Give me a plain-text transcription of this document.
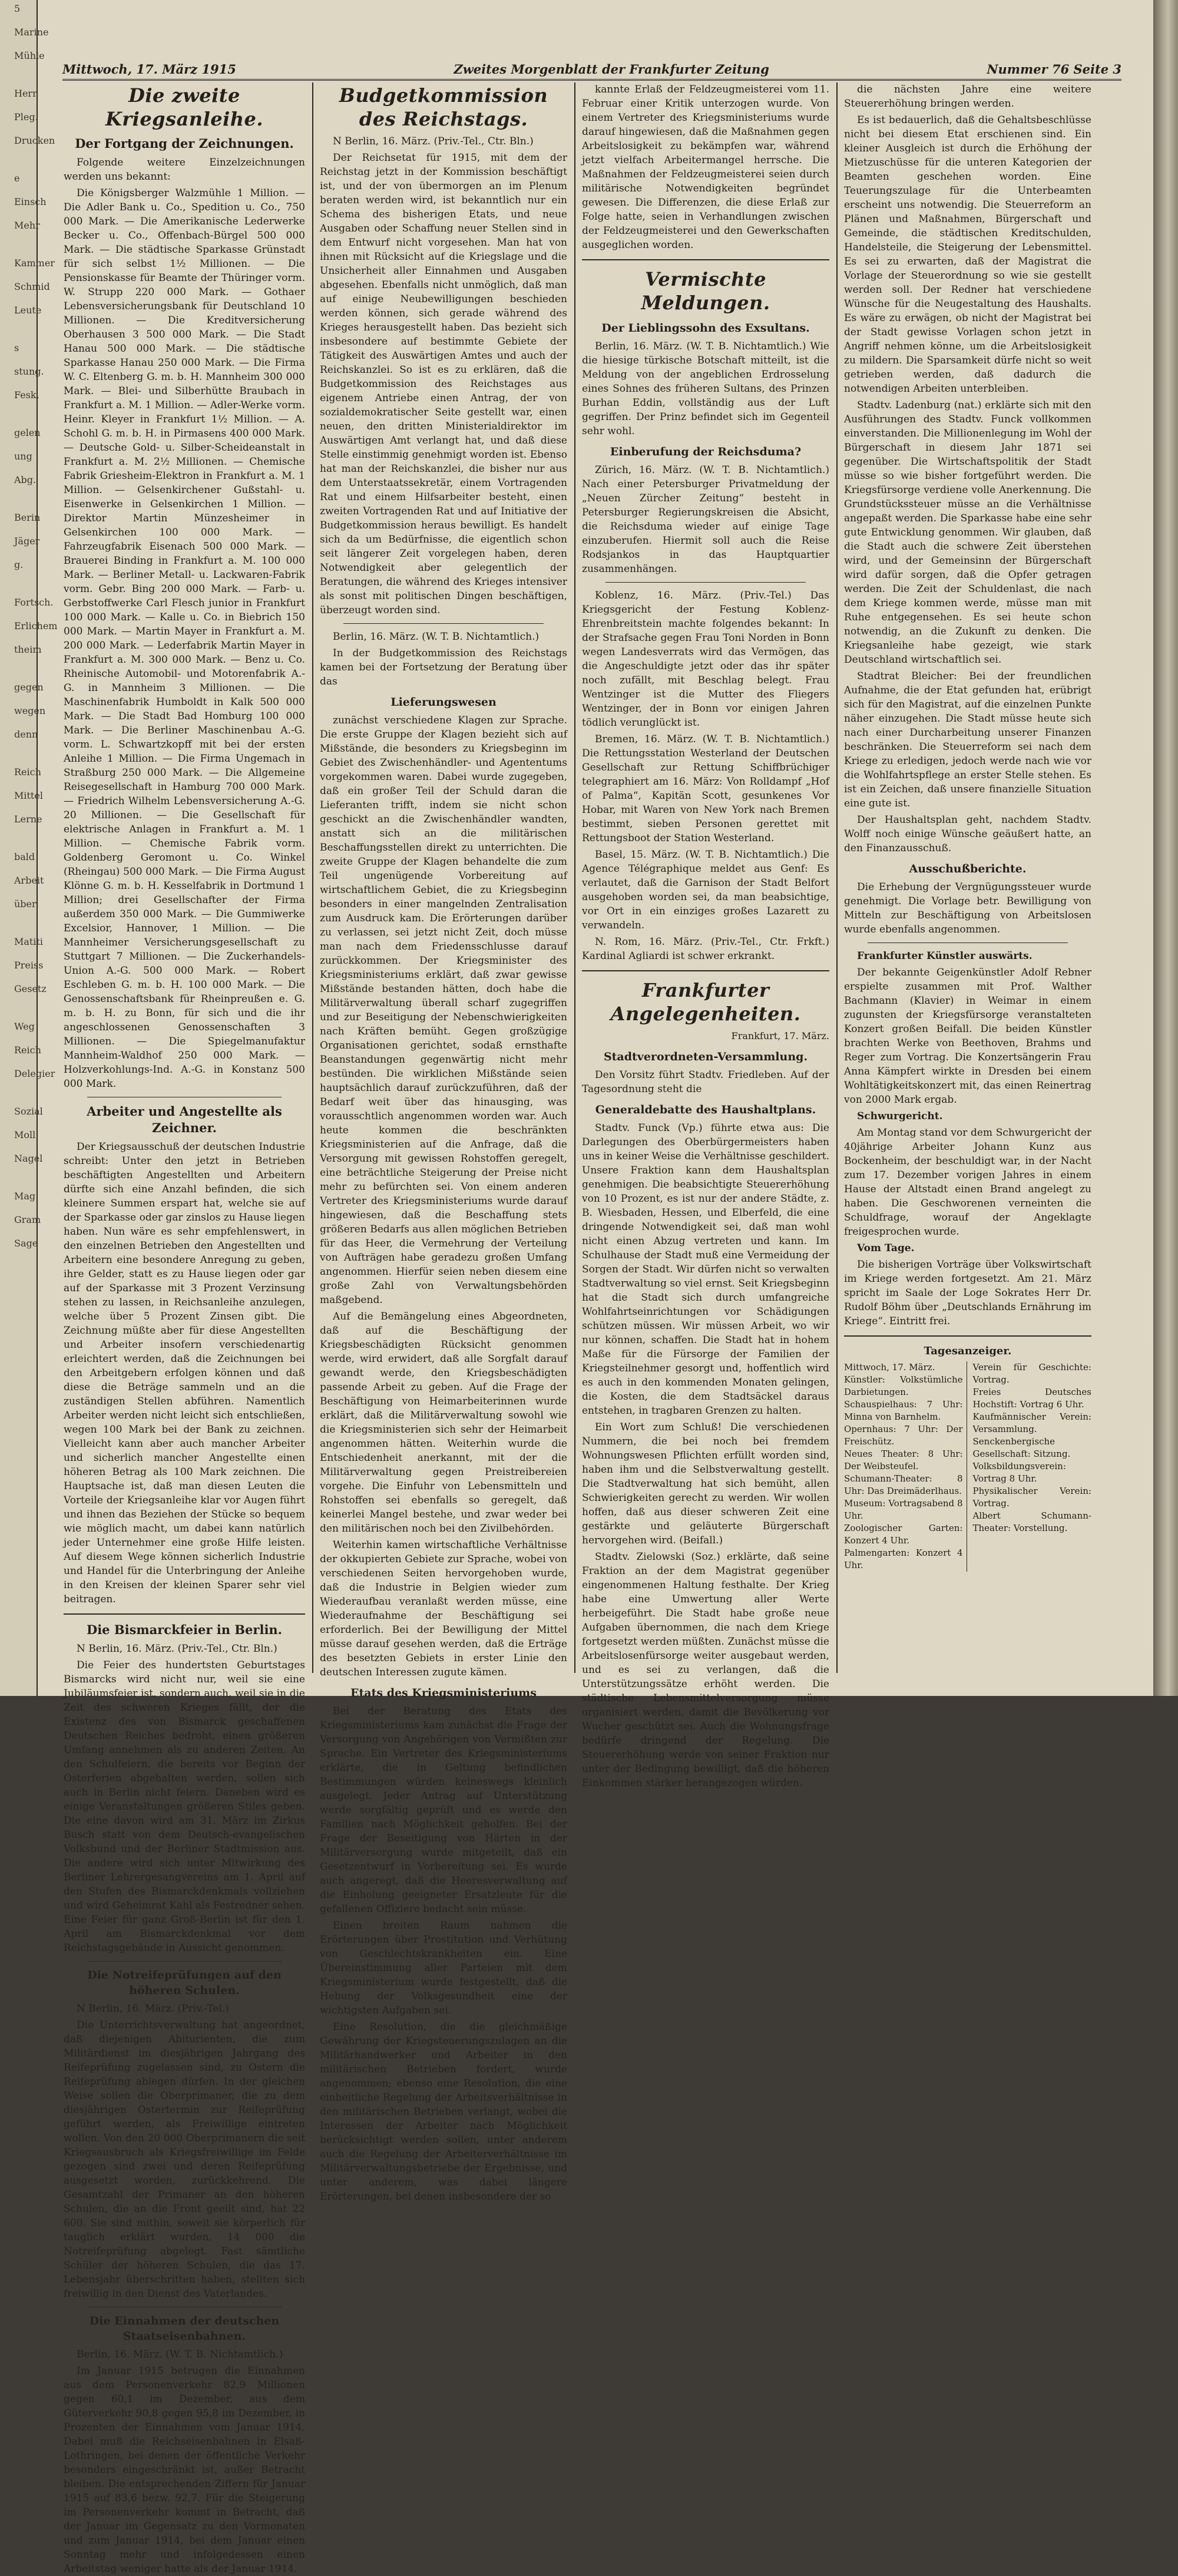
5

Marine

Mühle

Herr

Pleg.

Drucken

e

Einsch

Mehr

Kammer

Schmid

Leute

s

stung.

Fesk.

gelen

ung

Abg.

Berin

Jäger

g.

Fortsch.

Erlichem

theim

gegen

wegen

denn

Reich

Mittel

Lerne

bald

Arbeit

über

Matiti

Preiss

Gesetz

Weg

Reich

Delegier

Sozial

Moll

Nagel

Mag

Gram

Sage

Mittwoch, 17. März 1915	Zweites Morgenblatt der Frankfurter Zeitung	Nummer 76 Seite 3
Die zweite Kriegsanleihe.
Der Fortgang der Zeichnungen.

Folgende weitere Einzelzeichnungen werden uns bekannt:

Die Königsberger Walzmühle 1 Million. — Die Adler Bank u. Co., Spedition u. Co., 750 000 Mark. — Die Amerikanische Lederwerke Becker u. Co., Offenbach-Bürgel 500 000 Mark. — Die städtische Sparkasse Grünstadt für sich selbst 1½ Millionen. — Die Pensionskasse für Beamte der Thüringer vorm. W. Strupp 220 000 Mark. — Gothaer Lebensversicherungsbank für Deutschland 10 Millionen. — Die Kreditversicherung Oberhausen 3 500 000 Mark. — Die Stadt Hanau 500 000 Mark. — Die städtische Sparkasse Hanau 250 000 Mark. — Die Firma W. C. Eltenberg G. m. b. H. Mannheim 300 000 Mark. — Blei- und Silberhütte Braubach in Frankfurt a. M. 1 Million. — Adler-Werke vorm. Heinr. Kleyer in Frankfurt 1½ Million. — A. Schohl G. m. b. H. in Pirmasens 400 000 Mark. — Deutsche Gold- u. Silber-Scheideanstalt in Frankfurt a. M. 2½ Millionen. — Chemische Fabrik Griesheim-Elektron in Frankfurt a. M. 1 Million. — Gelsenkirchener Gußstahl- u. Eisenwerke in Gelsenkirchen 1 Million. — Direktor Martin Münzesheimer in Gelsenkirchen 100 000 Mark. — Fahrzeugfabrik Eisenach 500 000 Mark. — Brauerei Binding in Frankfurt a. M. 100 000 Mark. — Berliner Metall- u. Lackwaren-Fabrik vorm. Gebr. Bing 200 000 Mark. — Farb- u. Gerbstoffwerke Carl Flesch junior in Frankfurt 100 000 Mark. — Kalle u. Co. in Biebrich 150 000 Mark. — Martin Mayer in Frankfurt a. M. 200 000 Mark. — Lederfabrik Martin Mayer in Frankfurt a. M. 300 000 Mark. — Benz u. Co. Rheinische Automobil- und Motorenfabrik A.-G. in Mannheim 3 Millionen. — Die Maschinenfabrik Humboldt in Kalk 500 000 Mark. — Die Stadt Bad Homburg 100 000 Mark. — Die Berliner Maschinenbau A.-G. vorm. L. Schwartzkopff mit bei der ersten Anleihe 1 Million. — Die Firma Ungemach in Straßburg 250 000 Mark. — Die Allgemeine Reisegesellschaft in Hamburg 700 000 Mark. — Friedrich Wilhelm Lebensversicherung A.-G. 20 Millionen. — Die Gesellschaft für elektrische Anlagen in Frankfurt a. M. 1 Million. — Chemische Fabrik vorm. Goldenberg Geromont u. Co. Winkel (Rheingau) 500 000 Mark. — Die Firma August Klönne G. m. b. H. Kesselfabrik in Dortmund 1 Million; drei Gesellschafter der Firma außerdem 350 000 Mark. — Die Gummiwerke Excelsior, Hannover, 1 Million. — Die Mannheimer Versicherungsgesellschaft zu Stuttgart 7 Millionen. — Die Zuckerhandels-Union A.-G. 500 000 Mark. — Robert Eschleben G. m. b. H. 100 000 Mark. — Die Genossenschaftsbank für Rheinpreußen e. G. m. b. H. zu Bonn, für sich und die ihr angeschlossenen Genossenschaften 3 Millionen. — Die Spiegelmanufaktur Mannheim-Waldhof 250 000 Mark. — Holzverkohlungs-Ind. A.-G. in Konstanz 500 000 Mark.

Arbeiter und Angestellte als Zeichner.

Der Kriegsausschuß der deutschen Industrie schreibt: Unter den jetzt in Betrieben beschäftigten Angestellten und Arbeitern dürfte sich eine Anzahl befinden, die sich kleinere Summen erspart hat, welche sie auf der Sparkasse oder gar zinslos zu Hause liegen haben. Nun wäre es sehr empfehlenswert, in den einzelnen Betrieben den Angestellten und Arbeitern eine besondere Anregung zu geben, ihre Gelder, statt es zu Hause liegen oder gar auf der Sparkasse mit 3 Prozent Verzinsung stehen zu lassen, in Reichsanleihe anzulegen, welche über 5 Prozent Zinsen gibt. Die Zeichnung müßte aber für diese Angestellten und Arbeiter insofern verschiedenartig erleichtert werden, daß die Zeichnungen bei den Arbeitgebern erfolgen können und daß diese die Beträge sammeln und an die zuständigen Stellen abführen. Namentlich Arbeiter werden nicht leicht sich entschließen, wegen 100 Mark bei der Bank zu zeichnen. Vielleicht kann aber auch mancher Arbeiter und sicherlich mancher Angestellte einen höheren Betrag als 100 Mark zeichnen. Die Hauptsache ist, daß man diesen Leuten die Vorteile der Kriegsanleihe klar vor Augen führt und ihnen das Beziehen der Stücke so bequem wie möglich macht, um dabei kann natürlich jeder Unternehmer eine große Hilfe leisten. Auf diesem Wege können sicherlich Industrie und Handel für die Unterbringung der Anleihe in den Kreisen der kleinen Sparer sehr viel beitragen.

Die Bismarckfeier in Berlin.

N Berlin, 16. März. (Priv.-Tel., Ctr. Bln.)

Die Feier des hundertsten Geburtstages Bismarcks wird nicht nur, weil sie eine Jubiläumsfeier ist, sondern auch, weil sie in die Zeit des schweren Krieges fällt, der die Existenz des von Bismarck geschaffenen Deutschen Reiches bedroht, einen größeren Umfang annehmen als zu anderen Zeiten. An den Schulfeiern, die bereits vor Beginn der Osterferien abgehalten werden, sollen sich auch in Berlin nicht feiern. Daneben wird es einige Veranstaltungen größeren Stiles geben. Die eine davon wird am 31. März im Zirkus Busch statt von dem Deutsch-evangelischen Volksbund und der Berliner Stadtmission aus. Die andere wird sich unter Mitwirkung des Berliner Lehrergesangvereins am 1. April auf den Stufen des Bismarckdenkmals vollziehen und wird Geheimrat Kahl als Festredner sehen. Eine Feier für ganz Groß-Berlin ist für den 1. April am Bismarckdenkmal vor dem Reichstagsgebäude in Aussicht genommen.

Die Notreifeprüfungen auf den höheren Schulen.

N Berlin, 16. März. (Priv.-Tel.)

Die Unterrichtsverwaltung hat angeordnet, daß diejenigen Abiturienten, die zum Militärdienst im diesjährigen Jahrgang des Reifeprüfung zugelassen sind, zu Ostern die Reifeprüfung ablegen dürfen. In der gleichen Weise sollen die Oberprimaner, die zu dem diesjährigen Ostertermin zur Reifeprüfung geführt werden, als Freiwillige eintreten wollen. Von den 20 000 Oberprimanern die seit Kriegsausbruch als Kriegsfreiwillige im Felde gezogen sind zwei und deren Reifeprüfung ausgesetzt worden, zurückkehrend. Die Gesamtzahl der Primaner an den höheren Schulen, die an die Front geeilt sind, hat 22 600. Sie sind mithin, soweit sie körperlich für tauglich erklärt wurden, 14 000 die Notreifeprüfung abgelegt. Fast sämtliche Schüler der höheren Schulen, die das 17. Lebensjahr überschritten haben, stellten sich freiwillig in den Dienst des Vaterlandes.

Die Einnahmen der deutschen Staatseisenbahnen.

Berlin, 16. März. (W. T. B. Nichtamtlich.)

Im Januar 1915 betrugen die Einnahmen aus dem Personenverkehr 82,9 Millionen gegen 60,1 im Dezember, aus dem Güterverkehr 90,8 gegen 95,8 im Dezember, in Prozenten der Einnahmen vom Januar 1914. Dabei muß die Reichseisenbahnen in Elsaß-Lothringen, bei denen der öffentliche Verkehr besonders eingeschränkt ist, außer Betracht bleiben. Die entsprechenden Ziffern für Januar 1915 auf 83,6 bezw. 92,7. Für die Steigerung im Personenverkehr kommt in Betracht, daß der Januar im Gegensatz zu den Vormonaten und zum Januar 1914, bei dem Januar einen Sonntag mehr und infolgedessen einen Arbeitstag weniger hatte als der Januar 1914.

Budgetkommission des Reichstags.

N Berlin, 16. März. (Priv.-Tel., Ctr. Bln.)

Der Reichsetat für 1915, mit dem der Reichstag jetzt in der Kommission beschäftigt ist, und der von übermorgen an im Plenum beraten werden wird, ist bekanntlich nur ein Schema des bisherigen Etats, und neue Ausgaben oder Schaffung neuer Stellen sind in dem Entwurf nicht vorgesehen. Man hat von ihnen mit Rücksicht auf die Kriegslage und die Unsicherheit aller Einnahmen und Ausgaben abgesehen. Ebenfalls nicht unmöglich, daß man auf einige Neubewilligungen beschieden werden können, sich gerade während des Krieges herausgestellt haben. Das bezieht sich insbesondere auf bestimmte Gebiete der Tätigkeit des Auswärtigen Amtes und auch der Reichskanzlei. So ist es zu erklären, daß die Budgetkommission des Reichstages aus eigenem Antriebe einen Antrag, der von sozialdemokratischer Seite gestellt war, einen neuen, den dritten Ministerialdirektor im Auswärtigen Amt verlangt hat, und daß diese Stelle einstimmig genehmigt worden ist. Ebenso hat man der Reichskanzlei, die bisher nur aus dem Unterstaatssekretär, einem Vortragenden Rat und einem Hilfsarbeiter besteht, einen zweiten Vortragenden Rat und auf Initiative der Budgetkommission heraus bewilligt. Es handelt sich da um Bedürfnisse, die eigentlich schon seit längerer Zeit vorgelegen haben, deren Notwendigkeit aber gelegentlich der Beratungen, die während des Krieges intensiver als sonst mit politischen Dingen beschäftigen, überzeugt worden sind.

Berlin, 16. März. (W. T. B. Nichtamtlich.)

In der Budgetkommission des Reichstags kamen bei der Fortsetzung der Beratung über das

Lieferungswesen

zunächst verschiedene Klagen zur Sprache. Die erste Gruppe der Klagen bezieht sich auf Mißstände, die besonders zu Kriegsbeginn im Gebiet des Zwischenhändler- und Agententums vorgekommen waren. Dabei wurde zugegeben, daß ein großer Teil der Schuld daran die Lieferanten trifft, indem sie nicht schon geschickt an die Zwischenhändler wandten, anstatt sich an die militärischen Beschaffungsstellen direkt zu unterrichten. Die zweite Gruppe der Klagen behandelte die zum Teil ungenügende Vorbereitung auf wirtschaftlichem Gebiet, die zu Kriegsbeginn besonders in einer mangelnden Zentralisation zum Ausdruck kam. Die Erörterungen darüber zu verlassen, sei jetzt nicht Zeit, doch müsse man nach dem Friedensschlusse darauf zurückkommen. Der Kriegsminister des Kriegsministeriums erklärt, daß zwar gewisse Mißstände bestanden hätten, doch habe die Militärverwaltung überall scharf zugegriffen und zur Beseitigung der Nebenschwierigkeiten nach Kräften bemüht. Gegen großzügige Organisationen gerichtet, sodaß ernsthafte Beanstandungen gegenwärtig nicht mehr bestünden. Die wirklichen Mißstände seien hauptsächlich darauf zurückzuführen, daß der Bedarf weit über das hinausging, was vorausschtlich angenommen worden war. Auch heute kommen die beschränkten Kriegsministerien auf die Anfrage, daß die Versorgung mit gewissen Rohstoffen geregelt, eine beträchtliche Steigerung der Preise nicht mehr zu befürchten sei. Von einem anderen Vertreter des Kriegsministeriums wurde darauf hingewiesen, daß die Beschaffung stets größeren Bedarfs aus allen möglichen Betrieben für das Heer, die Vermehrung der Verteilung von Aufträgen habe geradezu großen Umfang angenommen. Hierfür seien neben diesem eine große Zahl von Verwaltungsbehörden maßgebend.

Auf die Bemängelung eines Abgeordneten, daß auf die Beschäftigung der Kriegsbeschädigten Rücksicht genommen werde, wird erwidert, daß alle Sorgfalt darauf gewandt werde, den Kriegsbeschädigten passende Arbeit zu geben. Auf die Frage der Beschäftigung von Heimarbeiterinnen wurde erklärt, daß die Militärverwaltung sowohl wie die Kriegsministerien sich sehr der Heimarbeit angenommen hätten. Weiterhin wurde die Entschiedenheit anerkannt, mit der die Militärverwaltung gegen Preistreibereien vorgehe. Die Einfuhr von Lebensmitteln und Rohstoffen sei ebenfalls so geregelt, daß keinerlei Mangel bestehe, und zwar weder bei den militärischen noch bei den Zivilbehörden.

Weiterhin kamen wirtschaftliche Verhältnisse der okkupierten Gebiete zur Sprache, wobei von verschiedenen Seiten hervorgehoben wurde, daß die Industrie in Belgien wieder zum Wiederaufbau veranlaßt werden müsse, eine Wiederaufnahme der Beschäftigung sei erforderlich. Bei der Bewilligung der Mittel müsse darauf gesehen werden, daß die Erträge des besetzten Gebiets in erster Linie den deutschen Interessen zugute kämen.

Etats des Kriegsministeriums

Bei der Beratung des Etats des Kriegsministeriums kam zunächst die Frage der Versorgung von Angehörigen von Vermißten zur Sprache. Ein Vertreter des Kriegsministeriums erklärte, die in Geltung befindlichen Bestimmungen würden keineswegs kleinlich ausgelegt. Jeder Antrag auf Unterstützung werde sorgfältig geprüft und es werde den Familien nach Möglichkeit geholfen. Bei der Frage der Beseitigung von Härten in der Militärversorgung wurde mitgeteilt, daß ein Gesetzentwurf in Vorbereitung sei. Es wurde auch angeregt, daß die Heeresverwaltung auf die Einholung geeigneter Ersatzleute für die gefallenen Offiziere bedacht sein müsse.

Einen breiten Raum nahmen die Erörterungen über Prostitution und Verhütung von Geschlechtskrankheiten ein. Eine Übereinstimmung aller Parteien mit dem Kriegsministerium wurde festgestellt, daß die Hebung der Volksgesundheit eine der wichtigsten Aufgaben sei.

Eine Resolution, die die gleichmäßige Gewährung der Kriegsteuerungszulagen an die Militärhandwerker und Arbeiter in den militärischen Betrieben fordert, wurde angenommen; ebenso eine Resolution, die eine einheitliche Regelung der Arbeitsverhältnisse in den militärischen Betrieben verlangt, wobei die Interessen der Arbeiter nach Möglichkeit berücksichtigt werden sollen, unter anderem auch die Regelung der Arbeiterverhältnisse im Militärverwaltungsbetriebe der Ergebnisse, und unter anderem, was dabei längere Erörterungen, bei denen insbesondere der so

kannte Erlaß der Feldzeugmeisterei vom 11. Februar einer Kritik unterzogen wurde. Von einem Vertreter des Kriegsministeriums wurde darauf hingewiesen, daß die Maßnahmen gegen Arbeitslosigkeit zu bekämpfen war, während jetzt vielfach Arbeitermangel herrsche. Die Maßnahmen der Feldzeugmeisterei seien durch militärische Notwendigkeiten begründet gewesen. Die Differenzen, die diese Erlaß zur Folge hatte, seien in Verhandlungen zwischen der Feldzeugmeisterei und den Gewerkschaften ausgeglichen worden.

Vermischte Meldungen.
Der Lieblingssohn des Exsultans.

Berlin, 16. März. (W. T. B. Nichtamtlich.) Wie die hiesige türkische Botschaft mitteilt, ist die Meldung von der angeblichen Erdrosselung eines Sohnes des früheren Sultans, des Prinzen Burhan Eddin, vollständig aus der Luft gegriffen. Der Prinz befindet sich im Gegenteil sehr wohl.

Einberufung der Reichsduma?

Zürich, 16. März. (W. T. B. Nichtamtlich.) Nach einer Petersburger Privatmeldung der „Neuen Zürcher Zeitung“ besteht in Petersburger Regierungskreisen die Absicht, die Reichsduma wieder auf einige Tage einzuberufen. Hiermit soll auch die Reise Rodsjankos in das Hauptquartier zusammenhängen.

Koblenz, 16. März. (Priv.-Tel.) Das Kriegsgericht der Festung Koblenz-Ehrenbreitstein machte folgendes bekannt: In der Strafsache gegen Frau Toni Norden in Bonn wegen Landesverrats wird das Vermögen, das die Angeschuldigte jetzt oder das ihr später noch zufällt, mit Beschlag belegt. Frau Wentzinger ist die Mutter des Fliegers Wentzinger, der in Bonn vor einigen Jahren tödlich verunglückt ist.

Bremen, 16. März. (W. T. B. Nichtamtlich.) Die Rettungsstation Westerland der Deutschen Gesellschaft zur Rettung Schiffbrüchiger telegraphiert am 16. März: Von Rolldampf „Hof of Palma“, Kapitän Scott, gesunkenes Vor Hobar, mit Waren von New York nach Bremen bestimmt, sieben Personen gerettet mit Rettungsboot der Station Westerland.

Basel, 15. März. (W. T. B. Nichtamtlich.) Die Agence Télégraphique meldet aus Genf: Es verlautet, daß die Garnison der Stadt Belfort ausgehoben worden sei, da man beabsichtige, vor Ort in ein einziges großes Lazarett zu verwandeln.

N. Rom, 16. März. (Priv.-Tel., Ctr. Frkft.) Kardinal Agliardi ist schwer erkrankt.

Frankfurter Angelegenheiten.
Frankfurt, 17. März.
Stadtverordneten-Versammlung.

Den Vorsitz führt Stadtv. Friedleben. Auf der Tagesordnung steht die

Generaldebatte des Haushaltplans.

Stadtv. Funck (Vp.) führte etwa aus: Die Darlegungen des Oberbürgermeisters haben uns in keiner Weise die Verhältnisse geschildert. Unsere Fraktion kann dem Haushaltsplan genehmigen. Die beabsichtigte Steuererhöhung von 10 Prozent, es ist nur der andere Städte, z. B. Wiesbaden, Hessen, und Elberfeld, die eine dringende Notwendigkeit sei, daß man wohl nicht einen Abzug vertreten und kann. Im Schulhause der Stadt muß eine Vermeidung der Sorgen der Stadt. Wir dürfen nicht so verwalten Stadtverwaltung so viel ernst. Seit Kriegsbeginn hat die Stadt sich durch umfangreiche Wohlfahrtseinrichtungen vor Schädigungen schützen müssen. Wir müssen Arbeit, wo wir nur können, schaffen. Die Stadt hat in hohem Maße für die Fürsorge der Familien der Kriegsteilnehmer gesorgt und, hoffentlich wird es auch in den kommenden Monaten gelingen, die Kosten, die dem Stadtsäckel daraus entstehen, in tragbaren Grenzen zu halten.

Ein Wort zum Schluß! Die verschiedenen Nummern, die bei noch bei fremdem Wohnungswesen Pflichten erfüllt worden sind, haben ihm und die Selbstverwaltung gestellt. Die Stadtverwaltung hat sich bemüht, allen Schwierigkeiten gerecht zu werden. Wir wollen hoffen, daß aus dieser schweren Zeit eine gestärkte und geläuterte Bürgerschaft hervorgehen wird. (Beifall.)

Stadtv. Zielowski (Soz.) erklärte, daß seine Fraktion an der dem Magistrat gegenüber eingenommenen Haltung festhalte. Der Krieg habe eine Umwertung aller Werte herbeigeführt. Die Stadt habe große neue Aufgaben übernommen, die nach dem Kriege fortgesetzt werden müßten. Zunächst müsse die Arbeitslosenfürsorge weiter ausgebaut werden, und es sei zu verlangen, daß die Unterstützungssätze erhöht werden. Die städtische Lebensmittelversorgung müsse organisiert werden, damit die Bevölkerung vor Wucher geschützt sei. Auch die Wohnungsfrage bedürfe dringend der Regelung. Die Steuererhöhung werde von seiner Fraktion nur unter der Bedingung bewilligt, daß die höheren Einkommen stärker herangezogen würden.

die nächsten Jahre eine weitere Steuererhöhung bringen werden.

Es ist bedauerlich, daß die Gehaltsbeschlüsse nicht bei diesem Etat erschienen sind. Ein kleiner Ausgleich ist durch die Erhöhung der Mietzuschüsse für die unteren Kategorien der Beamten geschehen worden. Eine Teuerungszulage für die Unterbeamten erscheint uns notwendig. Die Steuerreform an Plänen und Maßnahmen, Bürgerschaft und Gemeinde, die städtischen Kreditschulden, Handelsteile, die Steigerung der Lebensmittel. Es sei zu erwarten, daß der Magistrat die Vorlage der Steuerordnung so wie sie gestellt werden soll. Der Redner hat verschiedene Wünsche für die Neugestaltung des Haushalts. Es wäre zu erwägen, ob nicht der Magistrat bei der Stadt gewisse Vorlagen schon jetzt in Angriff nehmen könne, um die Arbeitslosigkeit zu mildern. Die Sparsamkeit dürfe nicht so weit getrieben werden, daß dadurch die notwendigen Arbeiten unterbleiben.

Stadtv. Ladenburg (nat.) erklärte sich mit den Ausführungen des Stadtv. Funck vollkommen einverstanden. Die Millionenlegung im Wohl der Bürgerschaft in diesem Jahr 1871 sei gegenüber. Die Wirtschaftspolitik der Stadt müsse so wie bisher fortgeführt werden. Die Kriegsfürsorge verdiene volle Anerkennung. Die Grundstückssteuer müsse an die Verhältnisse angepaßt werden. Die Sparkasse habe eine sehr gute Entwicklung genommen. Wir glauben, daß die Stadt auch die schwere Zeit überstehen wird, und der Gemeinsinn der Bürgerschaft wird dafür sorgen, daß die Opfer getragen werden. Die Zeit der Schuldenlast, die nach dem Kriege kommen werde, müsse man mit Ruhe entgegensehen. Es sei heute schon notwendig, an die Zukunft zu denken. Die Kriegsanleihe habe gezeigt, wie stark Deutschland wirtschaftlich sei.

Stadtrat Bleicher: Bei der freundlichen Aufnahme, die der Etat gefunden hat, erübrigt sich für den Magistrat, auf die einzelnen Punkte näher einzugehen. Die Stadt müsse heute sich nach einer Durcharbeitung unserer Finanzen beschränken. Die Steuerreform sei nach dem Kriege zu erledigen, jedoch werde nach wie vor die Wohlfahrtspflege an erster Stelle stehen. Es ist ein Zeichen, daß unsere finanzielle Situation eine gute ist.

Der Haushaltsplan geht, nachdem Stadtv. Wolff noch einige Wünsche geäußert hatte, an den Finanzausschuß.

Ausschußberichte.

Die Erhebung der Vergnügungssteuer wurde genehmigt. Die Vorlage betr. Bewilligung von Mitteln zur Beschäftigung von Arbeitslosen wurde ebenfalls angenommen.

Frankfurter Künstler auswärts.

Der bekannte Geigenkünstler Adolf Rebner erspielte zusammen mit Prof. Walther Bachmann (Klavier) in Weimar in einem zugunsten der Kriegsfürsorge veranstalteten Konzert großen Beifall. Die beiden Künstler brachten Werke von Beethoven, Brahms und Reger zum Vortrag. Die Konzertsängerin Frau Anna Kämpfert wirkte in Dresden bei einem Wohltätigkeitskonzert mit, das einen Reinertrag von 2000 Mark ergab.

Schwurgericht.

Am Montag stand vor dem Schwurgericht der 40jährige Arbeiter Johann Kunz aus Bockenheim, der beschuldigt war, in der Nacht zum 17. Dezember vorigen Jahres in einem Hause der Altstadt einen Brand angelegt zu haben. Die Geschworenen verneinten die Schuldfrage, worauf der Angeklagte freigesprochen wurde.

Vom Tage.

Die bisherigen Vorträge über Volkswirtschaft im Kriege werden fortgesetzt. Am 21. März spricht im Saale der Loge Sokrates Herr Dr. Rudolf Böhm über „Deutschlands Ernährung im Kriege“. Eintritt frei.

Tagesanzeiger.
Mittwoch, 17. März.
Künstler: Volkstümliche Darbietungen.
Schauspielhaus: 7 Uhr: Minna von Barnhelm.
Opernhaus: 7 Uhr: Der Freischütz.
Neues Theater: 8 Uhr: Der Weibsteufel.
Schumann-Theater: 8 Uhr: Das Dreimäderlhaus.
Museum: Vortragsabend 8 Uhr.
Zoologischer Garten: Konzert 4 Uhr.
Palmengarten: Konzert 4 Uhr.
Verein für Geschichte: Vortrag.
Freies Deutsches Hochstift: Vortrag 6 Uhr.
Kaufmännischer Verein: Versammlung.
Senckenbergische Gesellschaft: Sitzung.
Volksbildungsverein: Vortrag 8 Uhr.
Physikalischer Verein: Vortrag.
Albert Schumann-Theater: Vorstellung.
